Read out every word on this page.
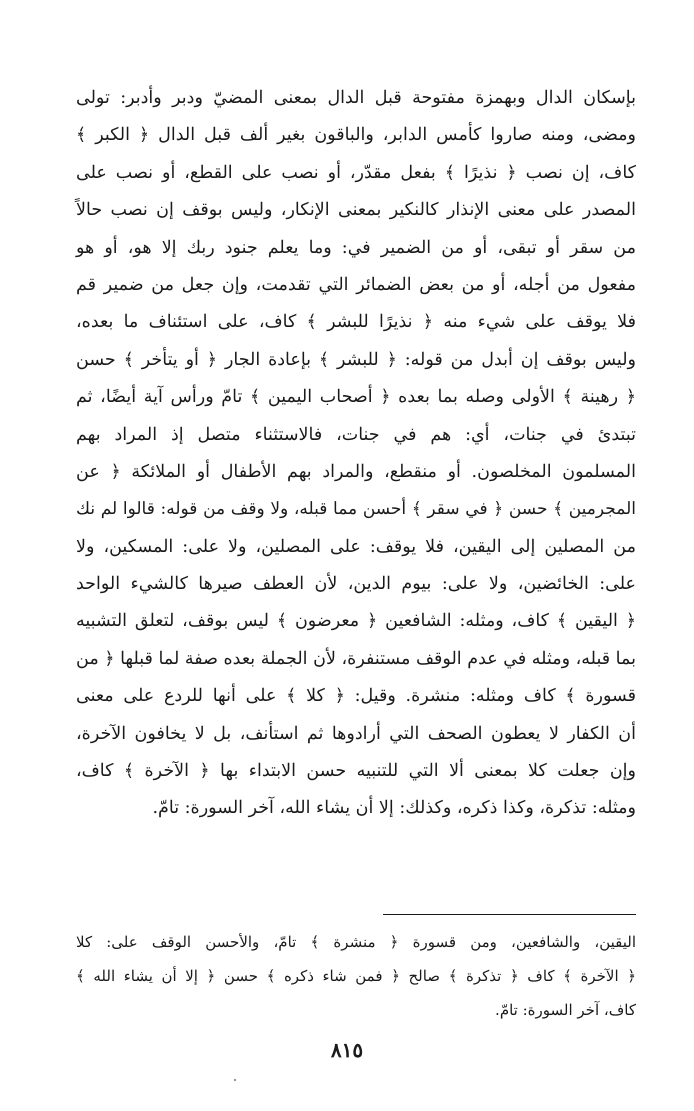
بإسكان الدال وبهمزة مفتوحة قبل الدال بمعنى المضيّ ودبر وأدبر: تولى
ومضى، ومنه صاروا كأمس الدابر، والباقون بغير ألف قبل الدال ﴿ الكبر ﴾
كاف، إن نصب ﴿ نذيرًا ﴾ بفعل مقدّر، أو نصب على القطع، أو نصب على
المصدر على معنى الإنذار كالنكير بمعنى الإنكار، وليس بوقف إن نصب حالاً
من سقر أو تبقى، أو من الضمير في: وما يعلم جنود ربك إلا هو، أو هو
مفعول من أجله، أو من بعض الضمائر التي تقدمت، وإن جعل من ضمير قم
فلا يوقف على شيء منه ﴿ نذيرًا للبشر ﴾ كاف، على استئناف ما بعده،
وليس بوقف إن أبدل من قوله: ﴿ للبشر ﴾ بإعادة الجار ﴿ أو يتأخر ﴾ حسن
﴿ رهينة ﴾ الأولى وصله بما بعده ﴿ أصحاب اليمين ﴾ تامّ ورأس آية أيضًا، ثم
تبتدئ في جنات، أي: هم في جنات، فالاستثناء متصل إذ المراد بهم
المسلمون المخلصون. أو منقطع، والمراد بهم الأطفال أو الملائكة ﴿ عن
المجرمين ﴾ حسن ﴿ في سقر ﴾ أحسن مما قبله، ولا وقف من قوله: قالوا لم نك
من المصلين إلى اليقين، فلا يوقف: على المصلين، ولا على: المسكين، ولا
على: الخائضين، ولا على: بيوم الدين، لأن العطف صيرها كالشيء الواحد
﴿ اليقين ﴾ كاف، ومثله: الشافعين ﴿ معرضون ﴾ ليس بوقف، لتعلق التشبيه
بما قبله، ومثله في عدم الوقف مستنفرة، لأن الجملة بعده صفة لما قبلها ﴿ من
قسورة ﴾ كاف ومثله: منشرة. وقيل: ﴿ كلا ﴾ على أنها للردع على معنى
أن الكفار لا يعطون الصحف التي أرادوها ثم استأنف، بل لا يخافون الآخرة،
وإن جعلت كلا بمعنى ألا التي للتنبيه حسن الابتداء بها ﴿ الآخرة ﴾ كاف،
ومثله: تذكرة، وكذا ذكره، وكذلك: إلا أن يشاء الله، آخر السورة: تامّ.
اليقين، والشافعين، ومن قسورة ﴿ منشرة ﴾ تامّ، والأحسن الوقف على: كلا
﴿ الآخرة ﴾ كاف ﴿ تذكرة ﴾ صالح ﴿ فمن شاء ذكره ﴾ حسن ﴿ إلا أن يشاء الله ﴾
كاف، آخر السورة: تامّ.
٨١٥
